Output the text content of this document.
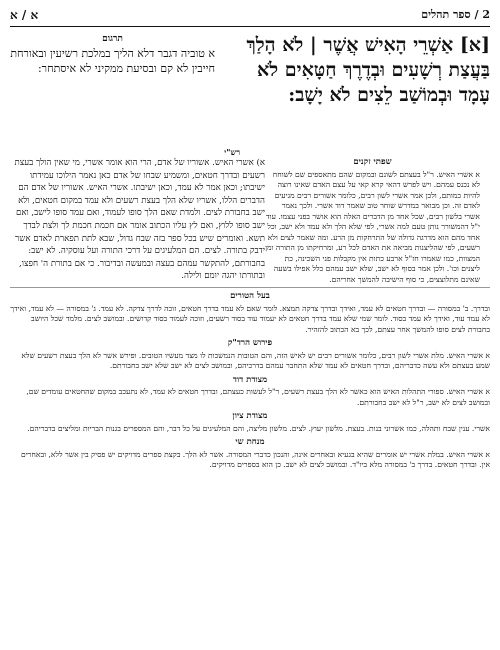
א / א	2 / ספר תהלים
[א] אַשְׁרֵי הָאִישׁ אֲשֶׁר | לֹא הָלַךְ בַּעֲצַת רְשָׁעִים וּבְדֶרֶךְ חַטָּאִים לֹא עָמָד וּבְמוֹשַׁב לֵצִים לֹא יָשָׁב:
תרגום
א טוביה דגבר דלא הליך במלכת רשיעין ובאורחת חייבין לא קם ובסיעת ממקיני לא איסתחר:
רש"י
א) אשרי האיש. אשוריו של אדם, הרי הוא אומר אשרי, מי שאין הולך בעצת רשעים ובדרך חטאים, ומשמיע שבחו של אדם כאן נאמר הילוכו עמידתו ישיבתו; וכאן אמר לא עמד, וכאן ישיבתו. אשרי האיש. אשוריו של אדם הם הדברים הללו, אשריו שלא הלך בעצת רשעים ולא עמד במקום חטאים, ולא ישב בחבורת לצים. ולמדת שאם הלך סופו לעמוד, ואם עמד סופו לישב, ואם ישב סופו ללוץ, ואם לץ עליו הכתוב אומר אם חכמת חכמת לך ולצת לבדך תשא. ואומרים שיש בכל ספר בזה שבח גדול, שבא לתת תפארת לאדם אשר ידבק בתורה. לצים. הם המלעיגים על דרכי התורה ועל עוסקיה. לא ישב: בחבורתם, להתקשר עמהם בעצה ובמעשה ובדיבור. כי אם בתורת ה' חפצו, ובתורתו יהגה יומם ולילה.
שפתי זקנים
א אשרי האיש. ר"ל בעצתם לשונם ובמקום שהם מתאספים שם לשוחח לא נכנס עמהם. ויש לפרש דהאי קרא קאי על עצם האדם שאינו רוצה להיות כמותם, ולכן אמר אשרי לשון רבים, כלומר אשורים רבים מגיעים לאדם זה. וכן מבואר במדרש שוחר טוב שאמר דוד אשרי. ולכך נאמר אשרי בלשון רבים, שכל אחד מן הדברים האלה הוא אושר בפני עצמו. עוד י"ל דהמשורר נותן טעם למה אשרי, לפי שלא הלך ולא עמד ולא ישב, וכל אחד מהם הוא מדרגה גדולה של התרחקות מן הרע. ומה שאמר לצים ולא רשעים, לפי שהליצנות מביאה את האדם לכל רע, ומרחיקתו מן התורה ומן המצוות, כמו שאמרו חז"ל ארבע כתות אין מקבלות פני השכינה, כת ליצנים וכו'. ולכן אמר בסוף לא ישב, שלא ישב עמהם כלל אפילו בשעה שאינם מתלוצצים, כי סוף הישיבה להמשך אחריהם.
בעל הטורים
ובדרך. ב' במסורה — ובדרך חטאים לא עמד, ואידך ובדרך צדקה תמצא. לומר שאם לא עמד בדרך חטאים, זוכה לדרך צדקה. לא עמד. ג' במסורה — לא עמד, ואידך לא עמד עוד, ואידך לא עמד בסוד. לומר שמי שלא עמד בדרך חטאים לא יעמוד עוד בסוד רשעים, וזוכה לעמוד בסוד קדושים. ובמושב לצים. מלמד שכל היושב בחבורת לצים סופו להמשך אחר עצתם, לכך בא הכתוב להזהיר.
פירוש הרד"ק
א אשרי האיש. מלת אשרי לשון רבים, כלומר אשורים רבים יש לאיש הזה, והם הטובות הנמשכות לו מצד מעשיו הטובים. ופירש אשר לא הלך בעצת רשעים שלא שמע בעצתם ולא עשה כדבריהם, ובדרך חטאים לא עמד שלא התחבר עמהם בדרכיהם, ובמושב לצים לא ישב שלא ישב בחבורתם.
מצודת דוד
א אשרי האיש. ספורי התהלות האיש הוא כאשר לא הלך בעצת רשעים, ר"ל לעשות כעצתם, ובדרך חטאים לא עמד, לא נתעכב במקום שהחטאים עומדים שם, ובמושב לצים לא ישב, ר"ל לא ישב בחבורתם.
מצודת ציון
אשרי. ענין שבח ותהלה, כמו אשרוני בנות. בעצת. מלשון יעוץ. לצים. מלשון מליצה, והם המלעיגים על כל דבר, והם המספרים בגנות הבריות ומליצים בדבריהם.
מנחת שי
א אשרי האיש. במלת אשרי יש אומרים שהיא בגעיא ובאחרים אינה, והנכון כדברי המסורה. אשר לא הלך. בקצת ספרים מדויקים יש פסיק בין אשר ללא, ובאחרים אין. ובדרך חטאים. בדרך ב' במסורה מלא ביו"ד. ובמושב לצים לא ישב. כן הוא בספרים מדויקים.
